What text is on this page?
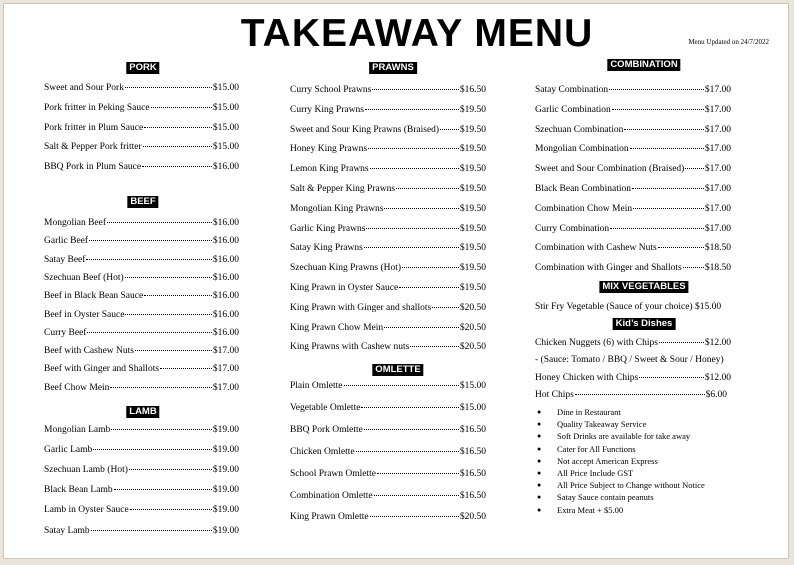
TAKEAWAY MENU	Menu Updated on 24/7/2022
PORK
Sweet and Sour Pork	$15.00
Pork fritter in Peking Sauce	$15.00
Pork fritter in Plum Sauce	$15.00
Salt & Pepper Pork fritter	$15.00
BBQ Pork in Plum Sauce	$16.00
BEEF
Mongolian Beef	$16.00
Garlic Beef	$16.00
Satay Beef	$16.00
Szechuan Beef (Hot)	$16.00
Beef in Black Bean Sauce	$16.00
Beef in Oyster Sauce	$16.00
Curry Beef	$16.00
Beef with Cashew Nuts	$17.00
Beef with Ginger and Shallots	$17.00
Beef Chow Mein	$17.00
LAMB
Mongolian Lamb	$19.00
Garlic Lamb	$19.00
Szechuan Lamb (Hot)	$19.00
Black Bean Lamb	$19.00
Lamb in Oyster Sauce	$19.00
Satay Lamb	$19.00
PRAWNS
Curry School Prawns	$16.50
Curry King Prawns	$19.50
Sweet and Sour King Prawns (Braised) $19.50
Honey King Prawns	$19.50
Lemon King Prawns	$19.50
Salt & Pepper King Prawns	$19.50
Mongolian King Prawns	$19.50
Garlic King Prawns	$19.50
Satay King Prawns	$19.50
Szechuan King Prawns (Hot)	$19.50
King Prawn in Oyster Sauce	$19.50
King Prawn with Ginger and shallots	$20.50
King Prawn Chow Mein	$20.50
King Prawns with Cashew nuts	$20.50
OMLETTE
Plain Omlette	$15.00
Vegetable Omlette	$15.00
BBQ Pork Omlette	$16.50
Chicken Omlette	$16.50
School Prawn Omlette	$16.50
Combination Omlette	$16.50
King Prawn Omlette	$20.50
COMBINATION
Satay Combination	$17.00
Garlic Combination	$17.00
Szechuan Combination	$17.00
Mongolian Combination	$17.00
Sweet and Sour Combination (Braised) $17.00
Black Bean Combination	$17.00
Combination Chow Mein	$17.00
Curry Combination	$17.00
Combination with Cashew Nuts	$18.50
Combination with Ginger and Shallots $18.50
MIX VEGETABLES
Stir Fry Vegetable (Sauce of your choice) $15.00
Kid’s Dishes
Chicken Nuggets (6) with Chips	$12.00
- (Sauce: Tomato / BBQ / Sweet & Sour / Honey)
Honey Chicken with Chips	$12.00
Hot Chips	$6.00
● Dine in Restaurant
● Quality Takeaway Service
● Soft Drinks are available for take away
● Cater for All Functions
● Not accept American Express
● All Price Include GST
● All Price Subject to Change without Notice
● Satay Sauce contain peanuts
● Extra Meat + $5.00
